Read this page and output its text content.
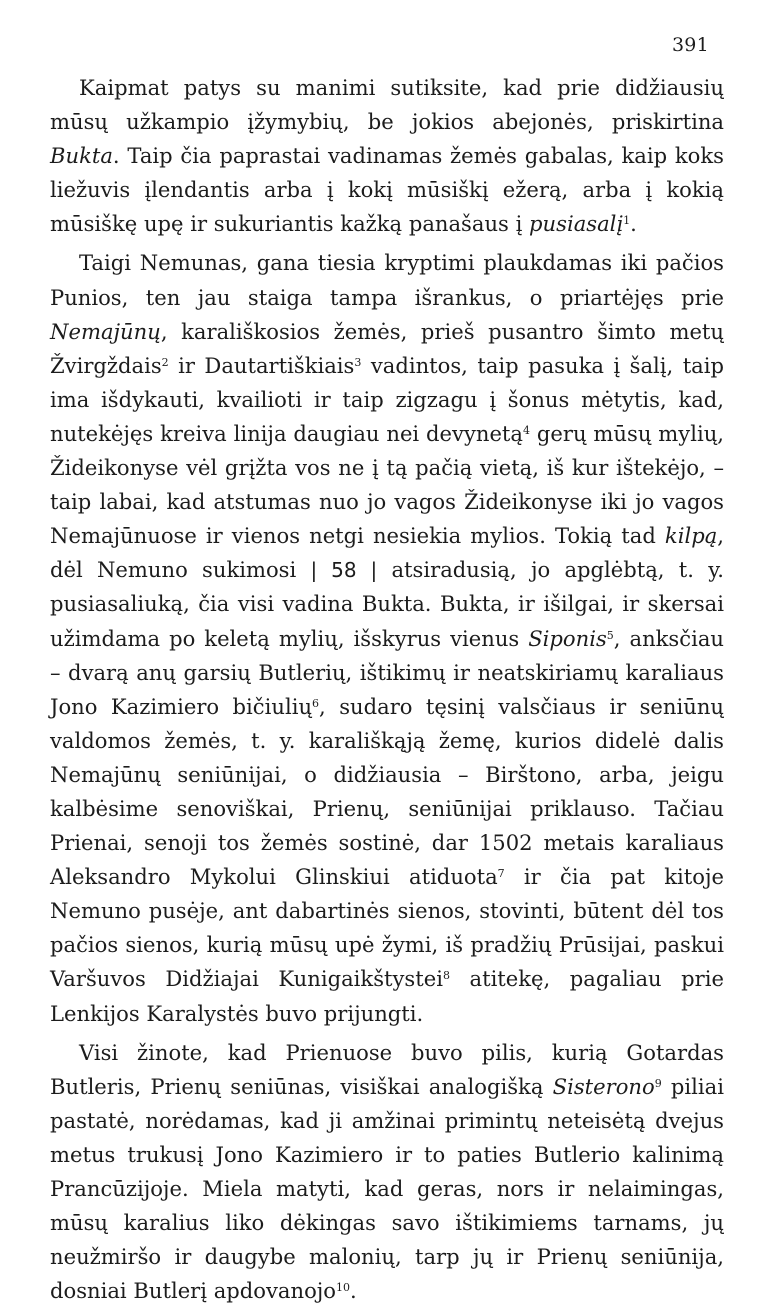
391

Kaipmat patys su manimi sutiksite, kad prie didžiausių mūsų užkampio įžymybių, be jokios abejonės, priskirtina Bukta. Taip čia paprastai vadinamas žemės gabalas, kaip koks liežuvis įlendantis arba į kokį mūsiškį ežerą, arba į kokią mūsiškę upę ir sukuriantis kažką panašaus į pusiasalį$^1$.

Taigi Nemunas, gana tiesia kryptimi plaukdamas iki pačios Punios, ten jau staiga tampa išrankus, o priartėjęs prie Nemajūnų, karališkosios žemės, prieš pusantro šimto metų Žvirgždais$^2$ ir Dautartiškiais$^3$ vadintos, taip pasuka į šalį, taip ima išdykauti, kvailioti ir taip zigzagu į šonus mėtytis, kad, nutekėjęs kreiva linija daugiau nei devynetą$^4$ gerų mūsų mylių, Žideikonyse vėl grįžta vos ne į tą pačią vietą, iš kur ištekėjo, – taip labai, kad atstumas nuo jo vagos Žideikonyse iki jo vagos Nemajūnuose ir vienos netgi nesiekia mylios. Tokią tad kilpą, dėl Nemuno sukimosi | 58 | atsiradusią, jo apglėbtą, t. y. pusiasaliuką, čia visi vadina Bukta. Bukta, ir išilgai, ir skersai užimdama po keletą mylių, išskyrus vienus Siponis$^5$, anksčiau – dvarą anų garsių Butlerių, ištikimų ir neatskiriamų karaliaus Jono Kazimiero bičiulių$^6$, sudaro tęsinį valsčiaus ir seniūnų valdomos žemės, t. y. karališkąją žemę, kurios didelė dalis Nemajūnų seniūnijai, o didžiausia – Birštono, arba, jeigu kalbėsime senoviškai, Prienų, seniūnijai priklauso. Tačiau Prienai, senoji tos žemės sostinė, dar 1502 metais karaliaus Aleksandro Mykolui Glinskiui atiduota$^7$ ir čia pat kitoje Nemuno pusėje, ant dabartinės sienos, stovinti, būtent dėl tos pačios sienos, kurią mūsų upė žymi, iš pradžių Prūsijai, paskui Varšuvos Didžiajai Kunigaikštystei$^8$ atitekę, pagaliau prie Lenkijos Karalystės buvo prijungti.

Visi žinote, kad Prienuose buvo pilis, kurią Gotardas Butleris, Prienų seniūnas, visiškai analogišką Sisterono$^9$ piliai pastatė, norėdamas, kad ji amžinai primintų neteisėtą dvejus metus trukusį Jono Kazimiero ir to paties Butlerio kalinimą Prancūzijoje. Miela matyti, kad geras, nors ir nelaimingas, mūsų karalius liko dėkingas savo ištikimiems tarnams, jų neužmiršo ir daugybe malonių, tarp jų ir Prienų seniūnija, dosniai Butlerį apdovanojo$^{10}$.
